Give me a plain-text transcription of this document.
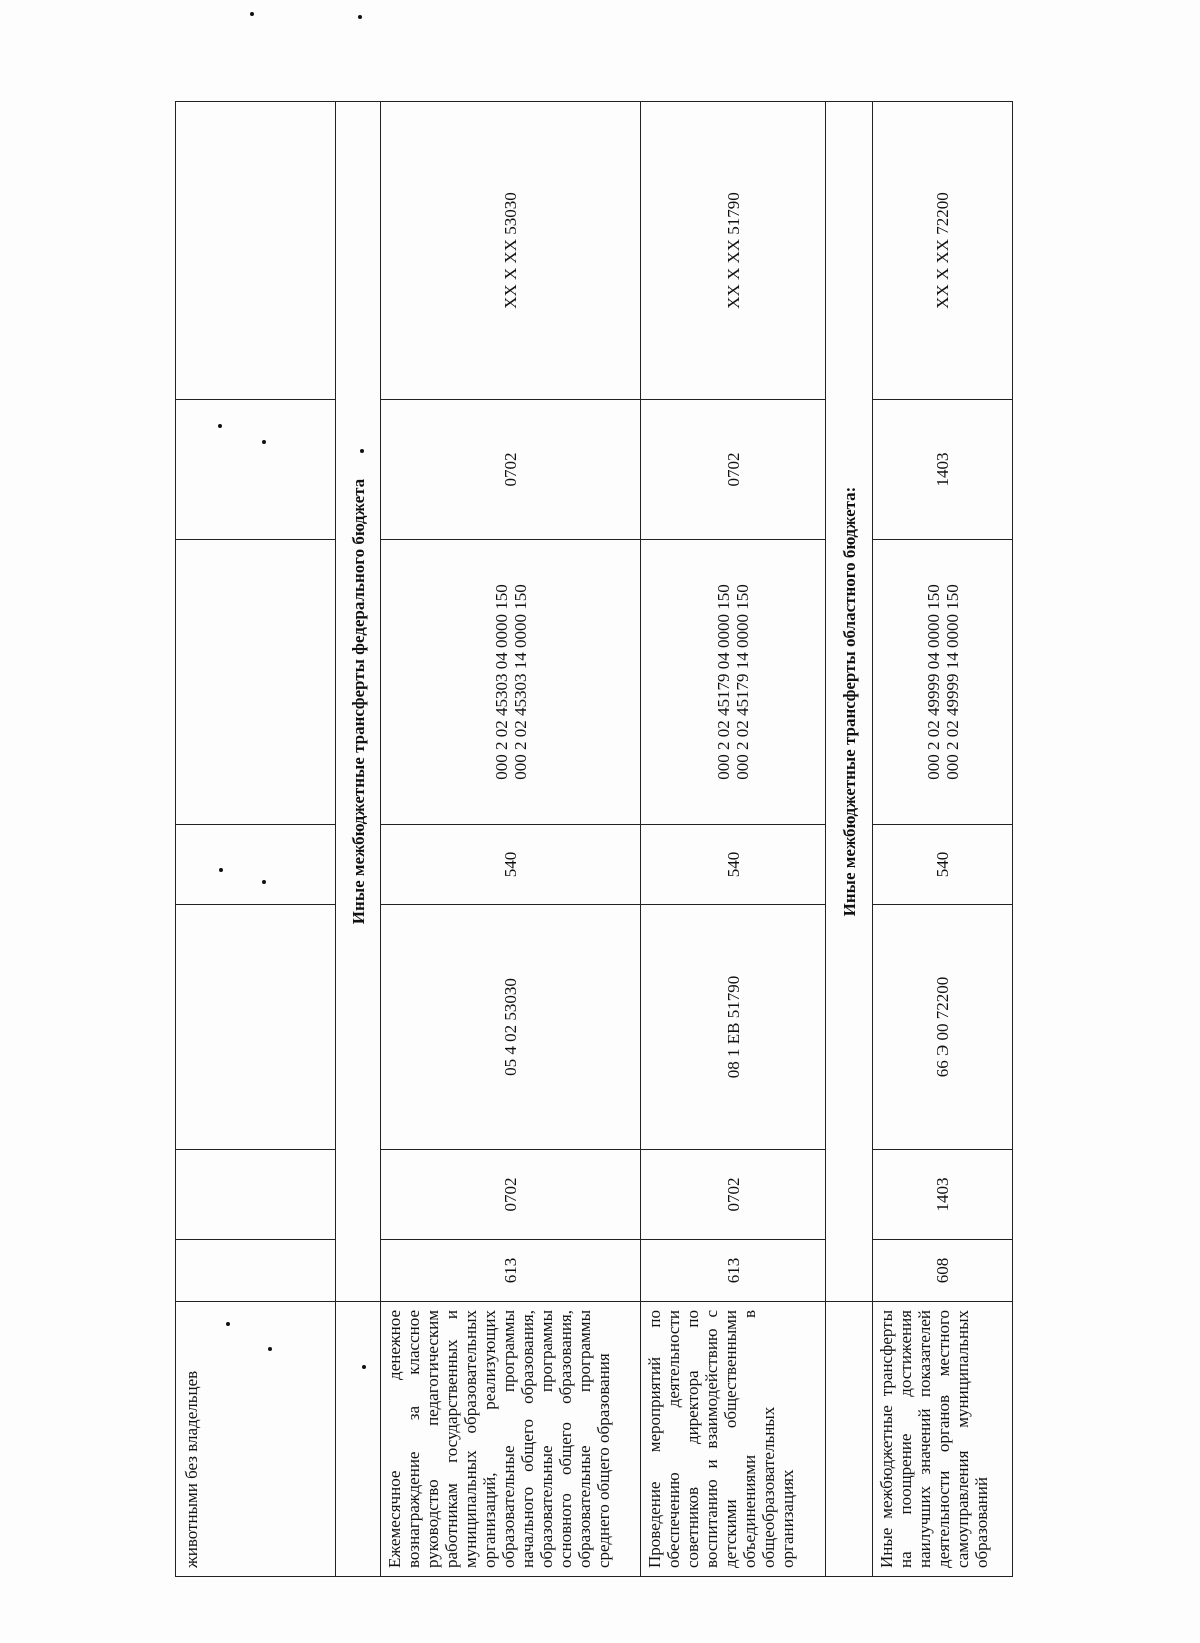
животными без владельцев							
	Иные межбюджетные трансферты федерального бюджета						
Ежемесячное денежное вознаграждение за классное руководство педагогическим работникам государственных и муниципальных образовательных организаций, реализующих образовательные программы начального общего образования, образовательные программы основного общего образования, образовательные программы среднего общего образования	613	0702	05 4 02 53030	540	000 2 02 45303 04 0000 150 000 2 02 45303 14 0000 150	0702	XX X XX 53030
Проведение мероприятий по обеспечению деятельности советников директора по воспитанию и взаимодействию с детскими общественными объединениями в общеобразовательных организациях	613	0702	08 1 ЕВ 51790	540	000 2 02 45179 04 0000 150 000 2 02 45179 14 0000 150	0702	XX X XX 51790
	Иные межбюджетные трансферты областного бюджета:						
Иные межбюджетные трансферты на поощрение достижения наилучших значений показателей деятельности органов местного самоуправления муниципальных образований	608	1403	66 Э 00 72200	540	000 2 02 49999 04 0000 150 000 2 02 49999 14 0000 150	1403	XX X XX 72200
